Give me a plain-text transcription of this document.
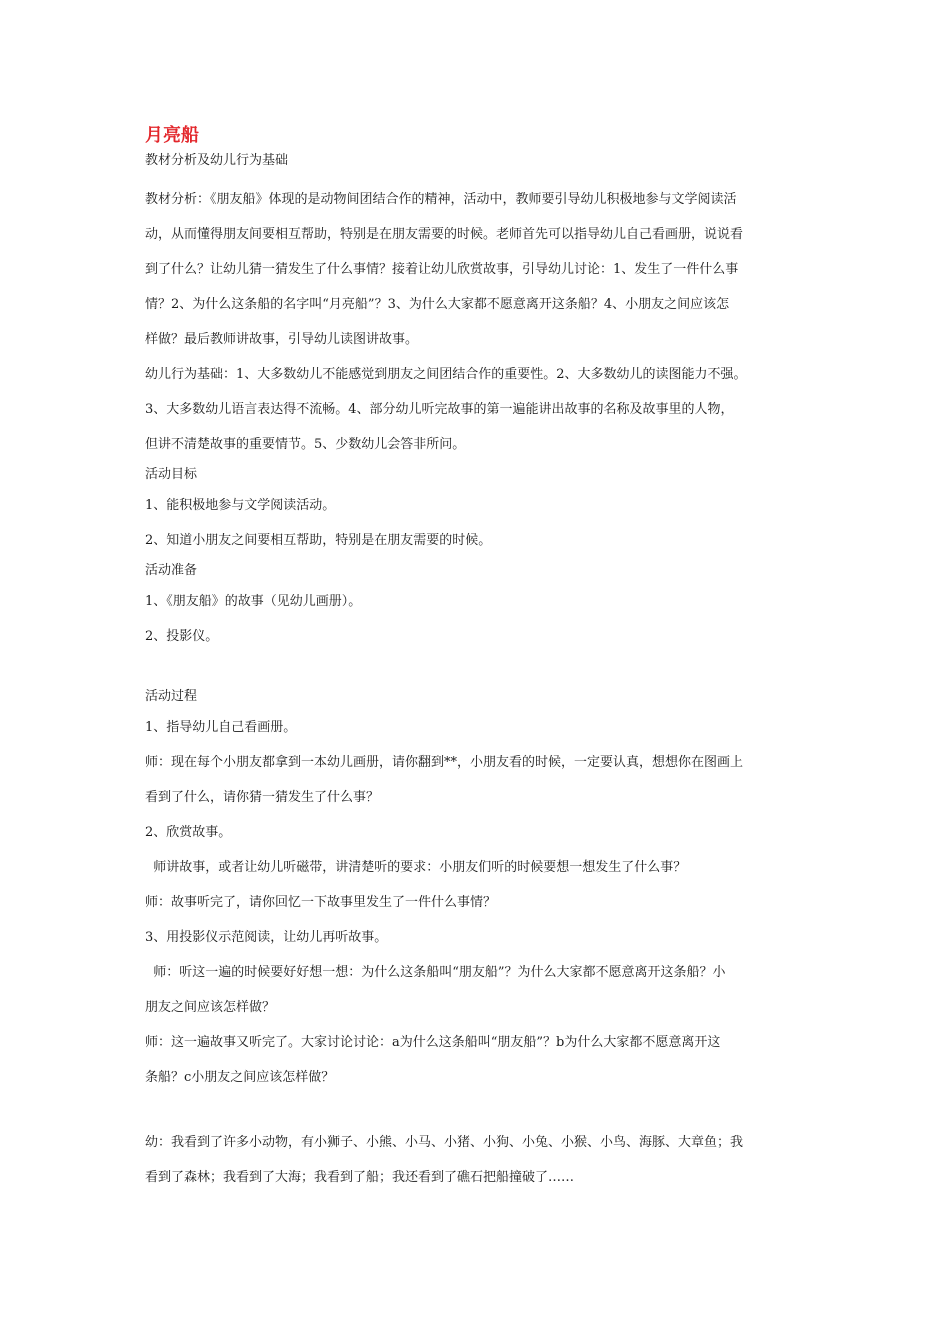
月亮船

教材分析及幼儿行为基础

教材分析：《朋友船》体现的是动物间团结合作的精神，活动中，教师要引导幼儿积极地参与文学阅读活

动，从而懂得朋友间要相互帮助，特别是在朋友需要的时候。老师首先可以指导幼儿自己看画册，说说看

到了什么？让幼儿猜一猜发生了什么事情？接着让幼儿欣赏故事，引导幼儿讨论：1、发生了一件什么事

情？2、为什么这条船的名字叫“月亮船”？3、为什么大家都不愿意离开这条船？4、小朋友之间应该怎

样做？最后教师讲故事，引导幼儿读图讲故事。

幼儿行为基础：1、大多数幼儿不能感觉到朋友之间团结合作的重要性。2、大多数幼儿的读图能力不强。

3、大多数幼儿语言表达得不流畅。4、部分幼儿听完故事的第一遍能讲出故事的名称及故事里的人物，

但讲不清楚故事的重要情节。5、少数幼儿会答非所问。

活动目标

1、能积极地参与文学阅读活动。

2、知道小朋友之间要相互帮助，特别是在朋友需要的时候。

活动准备

1、《朋友船》的故事（见幼儿画册）。

2、投影仪。

活动过程

1、指导幼儿自己看画册。

师：现在每个小朋友都拿到一本幼儿画册，请你翻到**，小朋友看的时候，一定要认真，想想你在图画上

看到了什么，请你猜一猜发生了什么事？

2、欣赏故事。

师讲故事，或者让幼儿听磁带，讲清楚听的要求：小朋友们听的时候要想一想发生了什么事？

师：故事听完了，请你回忆一下故事里发生了一件什么事情？

3、用投影仪示范阅读，让幼儿再听故事。

师：听这一遍的时候要好好想一想：为什么这条船叫“朋友船”？为什么大家都不愿意离开这条船？小

朋友之间应该怎样做？

师：这一遍故事又听完了。大家讨论讨论：a为什么这条船叫“朋友船”？b为什么大家都不愿意离开这

条船？c小朋友之间应该怎样做？

幼：我看到了许多小动物，有小狮子、小熊、小马、小猪、小狗、小兔、小猴、小鸟、海豚、大章鱼；我

看到了森林；我看到了大海；我看到了船；我还看到了礁石把船撞破了……
